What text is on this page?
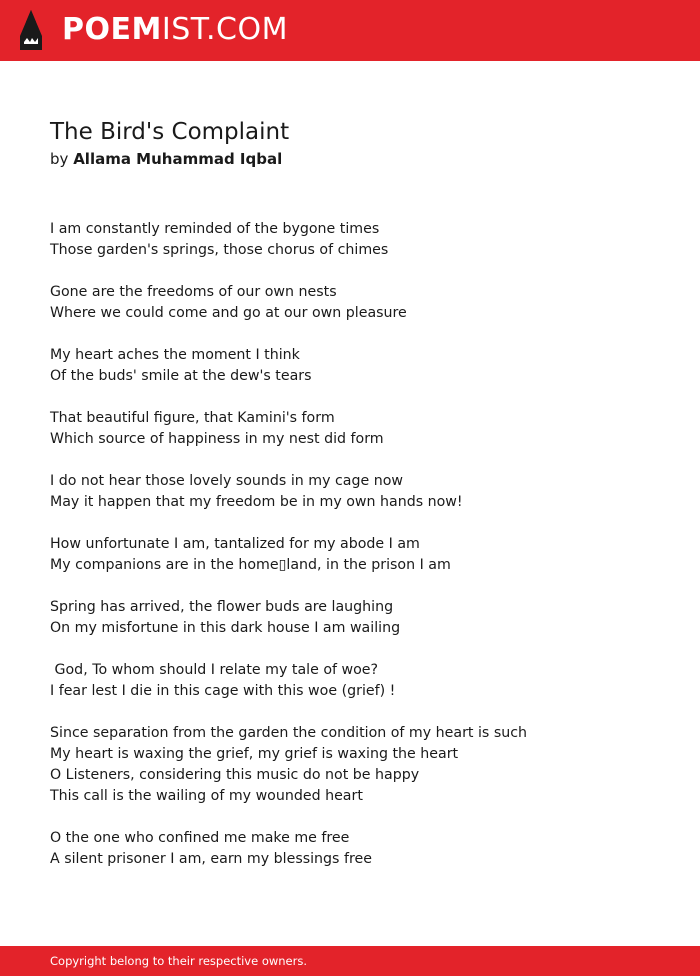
POEMIST.COM
The Bird's Complaint
by Allama Muhammad Iqbal
I am constantly reminded of the bygone times
Those garden's springs, those chorus of chimes
Gone are the freedoms of our own nests
Where we could come and go at our own pleasure
My heart aches the moment I think
Of the buds' smile at the dew's tears
That beautiful figure, that Kamini's form
Which source of happiness in my nest did form
I do not hear those lovely sounds in my cage now
May it happen that my freedom be in my own hands now!
How unfortunate I am, tantalized for my abode I am
My companions are in the home▯land, in the prison I am
Spring has arrived, the flower buds are laughing
On my misfortune in this dark house I am wailing
God, To whom should I relate my tale of woe?
I fear lest I die in this cage with this woe (grief) !
Since separation from the garden the condition of my heart is such
My heart is waxing the grief, my grief is waxing the heart
O Listeners, considering this music do not be happy
This call is the wailing of my wounded heart
O the one who confined me make me free
A silent prisoner I am, earn my blessings free
Copyright belong to their respective owners.
